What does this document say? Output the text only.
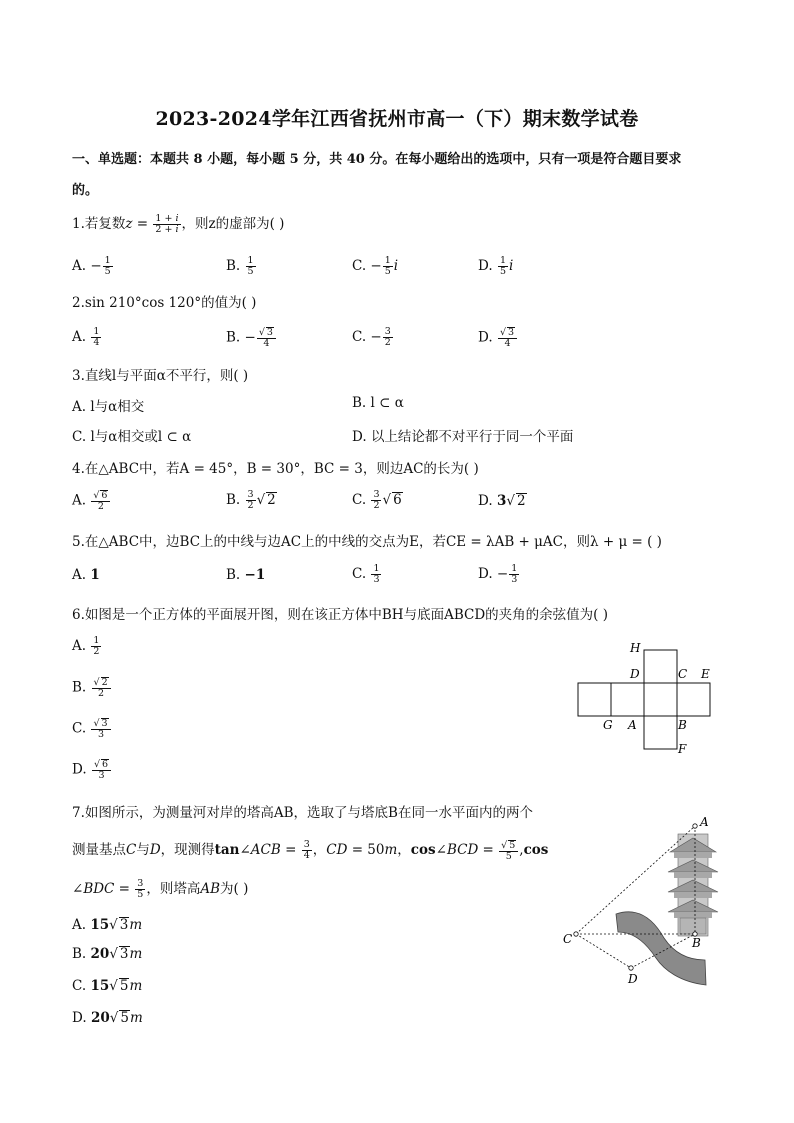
2023-2024学年江西省抚州市高一（下）期末数学试卷
一、单选题：本题共 8 小题，每小题 5 分，共 40 分。在每小题给出的选项中，只有一项是符合题目要求
的。
1.若复数$z = \frac{1 + i}{2 + i}$ ，则z的虚部为( )
A. − $\frac{1}{5}$	B. $\frac{1}{5}$	C. − $\frac{1}{5}$ i	D. $\frac{1}{5}$ i
2.sin 210°cos 120°的值为( )
A. $\frac{1}{4}$	B. − $\frac{√ 3}{4}$	C. − $\frac{3}{2}$	D. $\frac{√ 3}{4}$
3.直线l与平面α不平行，则( )
A. l与α相交	B. l ⊂ α
C. l与α相交或l ⊂ α	D. 以上结论都不对平行于同一个平面
4.在△ABC中，若A = 45°，B = 30°，BC = 3，则边AC的长为( )
A. $\frac{√ 6}{2}$	B. $\frac{3}{2}$ √ 2	C. $\frac{3}{2}$ √ 6	D. 3√ 2
5.在△ABC中，边BC上的中线与边AC上的中线的交点为E，若CE = λAB + μAC，则λ + μ = ( )
A. 1	B. −1	C. $\frac{1}{3}$	D. − $\frac{1}{3}$
6.如图是一个正方体的平面展开图，则在该正方体中BH与底面ABCD的夹角的余弦值为( )
A. $\frac{1}{2}$
B. $\frac{√ 2}{2}$
C. $\frac{√ 3}{3}$
D. $\frac{√ 6}{3}$
H
D	C E
G A	B
F
7.如图所示，为测量河对岸的塔高AB，选取了与塔底B在同一水平面内的两个
测量基点C与D，现测得tan∠ACB = $\frac{3}{4}$ ，CD = 50m，cos∠BCD = $\frac{√ 5}{5} ,\cos$
∠BDC = $\frac{3}{5}$ ，则塔高AB为( )
A. 15√ 3m
B. 20√ 3m
C. 15√ 5m
D. 20√ 5m
A
B
C
D
